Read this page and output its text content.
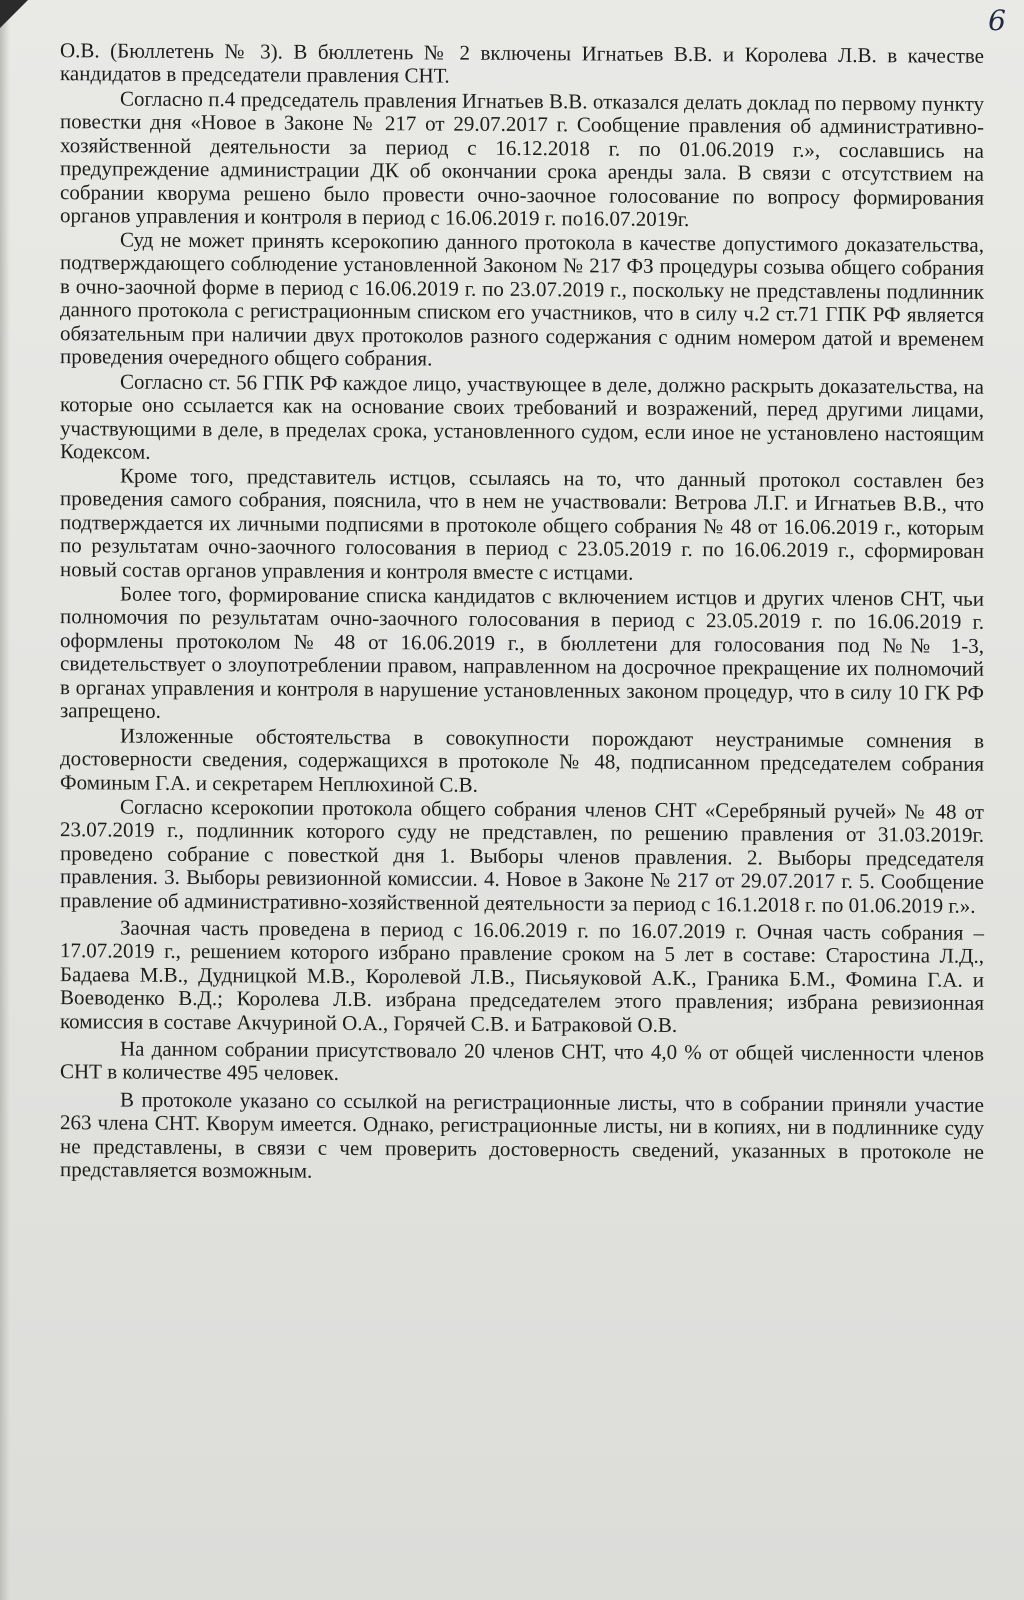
6

О.В. (Бюллетень № 3). В бюллетень № 2 включены Игнатьев В.В. и Королева Л.В. в качестве кандидатов в председатели правления СНТ.

Согласно п.4 председатель правления Игнатьев В.В. отказался делать доклад по первому пункту повестки дня «Новое в Законе № 217 от 29.07.2017 г. Сообщение правления об административно-хозяйственной деятельности за период с 16.12.2018 г. по 01.06.2019 г.», сославшись на предупреждение администрации ДК об окончании срока аренды зала. В связи с отсутствием на собрании кворума решено было провести очно-заочное голосование по вопросу формирования органов управления и контроля в период с 16.06.2019 г. по16.07.2019г.

Суд не может принять ксерокопию данного протокола в качестве допустимого доказательства, подтверждающего соблюдение установленной Законом № 217 ФЗ процедуры созыва общего собрания в очно-заочной форме в период с 16.06.2019 г. по 23.07.2019 г., поскольку не представлены подлинник данного протокола с регистрационным списком его участников, что в силу ч.2 ст.71 ГПК РФ является обязательным при наличии двух протоколов разного содержания с одним номером датой и временем проведения очередного общего собрания.

Согласно ст. 56 ГПК РФ каждое лицо, участвующее в деле, должно раскрыть доказательства, на которые оно ссылается как на основание своих требований и возражений, перед другими лицами, участвующими в деле, в пределах срока, установленного судом, если иное не установлено настоящим Кодексом.

Кроме того, представитель истцов, ссылаясь на то, что данный протокол составлен без проведения самого собрания, пояснила, что в нем не участвовали: Ветрова Л.Г. и Игнатьев В.В., что подтверждается их личными подписями в протоколе общего собрания № 48 от 16.06.2019 г., которым по результатам очно-заочного голосования в период с 23.05.2019 г. по 16.06.2019 г., сформирован новый состав органов управления и контроля вместе с истцами.

Более того, формирование списка кандидатов с включением истцов и других членов СНТ, чьи полномочия по результатам очно-заочного голосования в период с 23.05.2019 г. по 16.06.2019 г. оформлены протоколом № 48 от 16.06.2019 г., в бюллетени для голосования под №№ 1-3, свидетельствует о злоупотреблении правом, направленном на досрочное прекращение их полномочий в органах управления и контроля в нарушение установленных законом процедур, что в силу 10 ГК РФ запрещено.

Изложенные обстоятельства в совокупности порождают неустранимые сомнения в достоверности сведения, содержащихся в протоколе № 48, подписанном председателем собрания Фоминым Г.А. и секретарем Неплюхиной С.В.

Согласно ксерокопии протокола общего собрания членов СНТ «Серебряный ручей» № 48 от 23.07.2019 г., подлинник которого суду не представлен, по решению правления от 31.03.2019г. проведено собрание с повесткой дня 1. Выборы членов правления. 2. Выборы председателя правления. 3. Выборы ревизионной комиссии. 4. Новое в Законе № 217 от 29.07.2017 г. 5. Сообщение правление об административно-хозяйственной деятельности за период с 16.1.2018 г. по 01.06.2019 г.».

Заочная часть проведена в период с 16.06.2019 г. по 16.07.2019 г. Очная часть собрания – 17.07.2019 г., решением которого избрано правление сроком на 5 лет в составе: Старостина Л.Д., Бадаева М.В., Дудницкой М.В., Королевой Л.В., Письяуковой А.К., Граника Б.М., Фомина Г.А. и Воеводенко В.Д.; Королева Л.В. избрана председателем этого правления; избрана ревизионная комиссия в составе Акчуриной О.А., Горячей С.В. и Батраковой О.В.

На данном собрании присутствовало 20 членов СНТ, что 4,0 % от общей численности членов СНТ в количестве 495 человек.

В протоколе указано со ссылкой на регистрационные листы, что в собрании приняли участие 263 члена СНТ. Кворум имеется. Однако, регистрационные листы, ни в копиях, ни в подлиннике суду не представлены, в связи с чем проверить достоверность сведений, указанных в протоколе не представляется возможным.
